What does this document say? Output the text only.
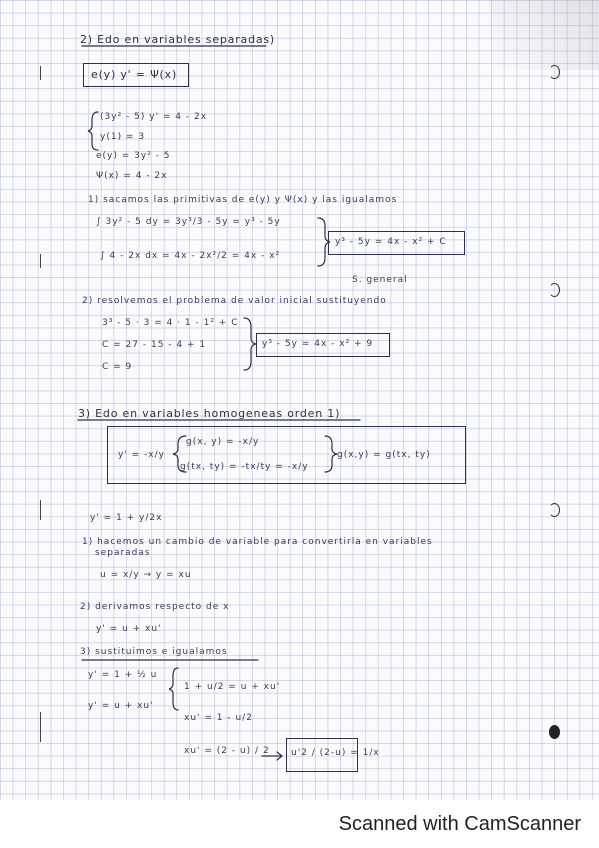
2) Edo en variables separadas)

e(y) y' = Ψ(x)

(3y² - 5) y' = 4 - 2x

y(1) = 3

e(y) = 3y² - 5

Ψ(x) = 4 - 2x

1) sacamos las primitivas de e(y) y Ψ(x) y las igualamos

∫ 3y² - 5 dy = 3y³/3 - 5y = y³ - 5y

∫ 4 - 2x dx = 4x - 2x²/2 = 4x - x²

y³ - 5y = 4x - x² + C

S. general

2) resolvemos el problema de valor inicial sustituyendo

3³ - 5 · 3 = 4 · 1 - 1² + C

C = 27 - 15 - 4 + 1

C = 9

y³ - 5y = 4x - x² + 9

3) Edo en variables homogeneas orden 1)

y' = -x/y

g(x, y) = -x/y

g(tx, ty) = -tx/ty = -x/y

g(x,y) = g(tx, ty)

y' = 1 + y/2x

1) hacemos un cambio de variable para convertirla en variables

separadas

u = x/y → y = xu

2) derivamos respecto de x

y' = u + xu'

3) sustituimos e igualamos

y' = 1 + ½ u

y' = u + xu'

1 + u/2 = u + xu'

xu' = 1 - u/2

xu' = (2 - u) / 2 u'2 / (2-u) = 1/x

Scanned with CamScanner
